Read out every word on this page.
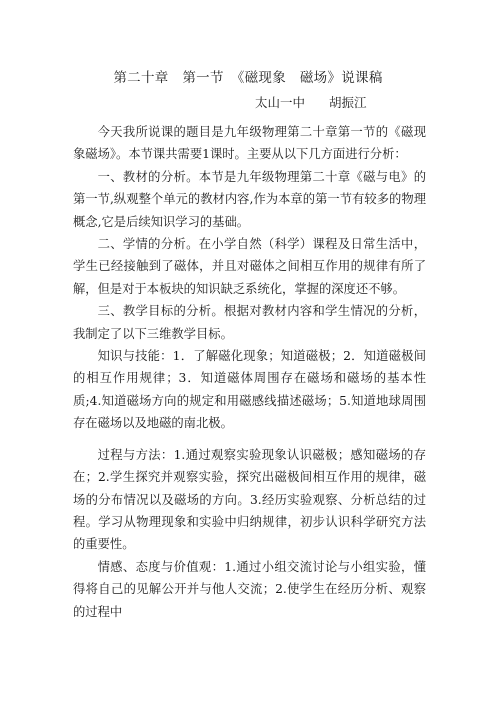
第二十章　第一节　《磁现象　磁场》说课稿
太山一中 胡振江

今天我所说课的题目是九年级物理第二十章第一节的《磁现象磁场》。本节课共需要1课时。主要从以下几方面进行分析：

一、教材的分析。本节是九年级物理第二十章《磁与电》的第一节,纵观整个单元的教材内容,作为本章的第一节有较多的物理概念,它是后续知识学习的基础。

二、学情的分析。在小学自然（科学）课程及日常生活中，学生已经接触到了磁体，并且对磁体之间相互作用的规律有所了解，但是对于本板块的知识缺乏系统化，掌握的深度还不够。

三、教学目标的分析。根据对教材内容和学生情况的分析，我制定了以下三维教学目标。

知识与技能：1．了解磁化现象；知道磁极；2．知道磁极间的相互作用规律；3．知道磁体周围存在磁场和磁场的基本性质;4.知道磁场方向的规定和用磁感线描述磁场；5.知道地球周围存在磁场以及地磁的南北极。

过程与方法：1.通过观察实验现象认识磁极；感知磁场的存在；2.学生探究并观察实验，探究出磁极间相互作用的规律，磁场的分布情况以及磁场的方向。3.经历实验观察、分析总结的过程。学习从物理现象和实验中归纳规律，初步认识科学研究方法的重要性。

情感、态度与价值观：1.通过小组交流讨论与小组实验，懂得将自己的见解公开并与他人交流；2.使学生在经历分析、观察的过程中
